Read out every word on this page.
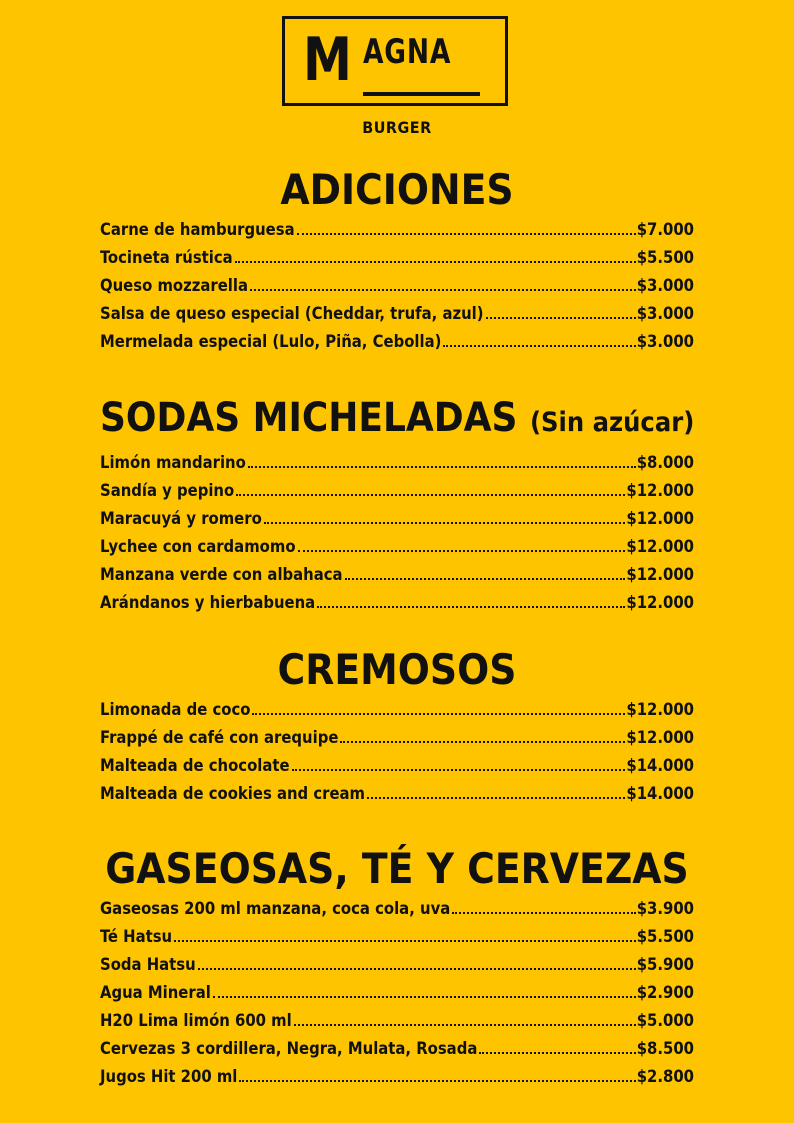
M AGNA
BURGER
ADICIONES
Carne de hamburguesa	$7.000
Tocineta rústica	$5.500
Queso mozzarella	$3.000
Salsa de queso especial (Cheddar, trufa, azul)	$3.000
Mermelada especial (Lulo, Piña, Cebolla)	$3.000
SODAS MICHELADAS (Sin azúcar)
Limón mandarino	$8.000
Sandía y pepino	$12.000
Maracuyá y romero	$12.000
Lychee con cardamomo	$12.000
Manzana verde con albahaca	$12.000
Arándanos y hierbabuena	$12.000
CREMOSOS
Limonada de coco	$12.000
Frappé de café con arequipe	$12.000
Malteada de chocolate	$14.000
Malteada de cookies and cream	$14.000
GASEOSAS, TÉ Y CERVEZAS
Gaseosas 200 ml manzana, coca cola, uva	$3.900
Té Hatsu	$5.500
Soda Hatsu	$5.900
Agua Mineral	$2.900
H20 Lima limón 600 ml	$5.000
Cervezas 3 cordillera, Negra, Mulata, Rosada	$8.500
Jugos Hit 200 ml	$2.800
